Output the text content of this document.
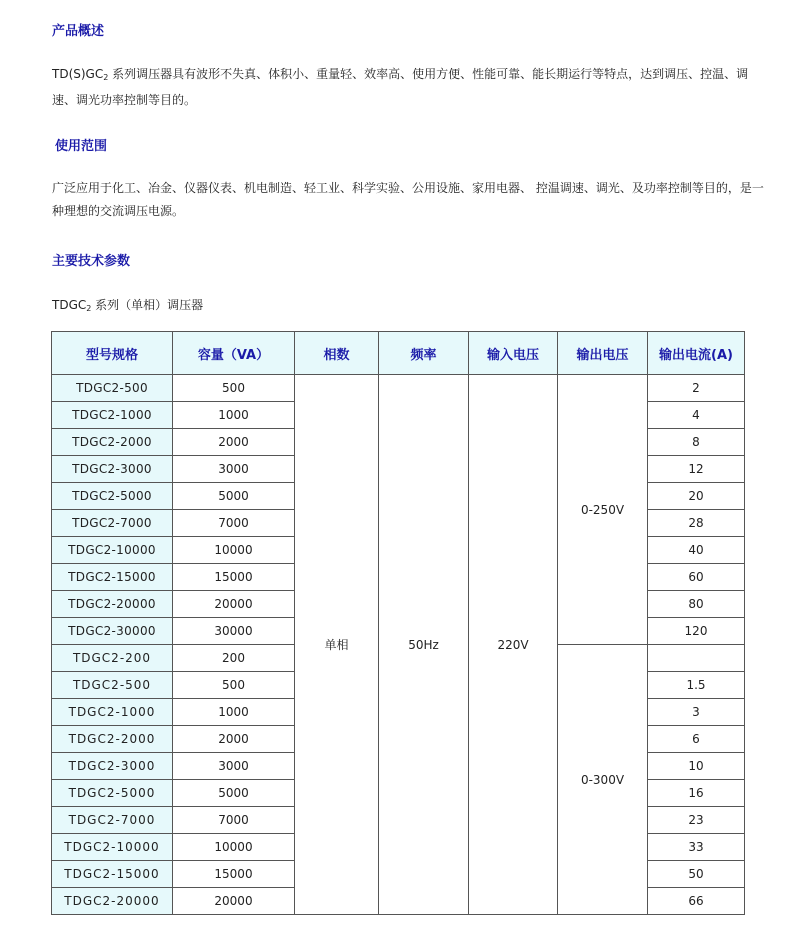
产品概述
$TD(S)GC_2$ 系列调压器具有波形不失真、体积小、重量轻、效率高、使用方便、性能可靠、能长期运行等特点，达到调压、控温、调速、调光功率控制等目的。
使用范围
广泛应用于化工、冶金、仪器仪表、机电制造、轻工业、科学实验、公用设施、家用电器、 控温调速、调光、及功率控制等目的，是一种理想的交流调压电源。
主要技术参数
$TDGC_2$ 系列（单相）调压器
型号规格	容量（VA）	相数	频率	输入电压	输出电压	输出电流(A)
TDGC2-500	500	单相	50Hz	220V	0-250V	2
TDGC2-1000	1000					4
TDGC2-2000	2000					8
TDGC2-3000	3000					12
TDGC2-5000	5000					20
TDGC2-7000	7000					28
TDGC2-10000	10000					40
TDGC2-15000	15000					60
TDGC2-20000	20000					80
TDGC2-30000	30000					120
TDGC2-200	200				0-300V	
TDGC2-500	500					1.5
TDGC2-1000	1000					3
TDGC2-2000	2000					6
TDGC2-3000	3000					10
TDGC2-5000	5000					16
TDGC2-7000	7000					23
TDGC2-10000	10000					33
TDGC2-15000	15000					50
TDGC2-20000	20000					66
